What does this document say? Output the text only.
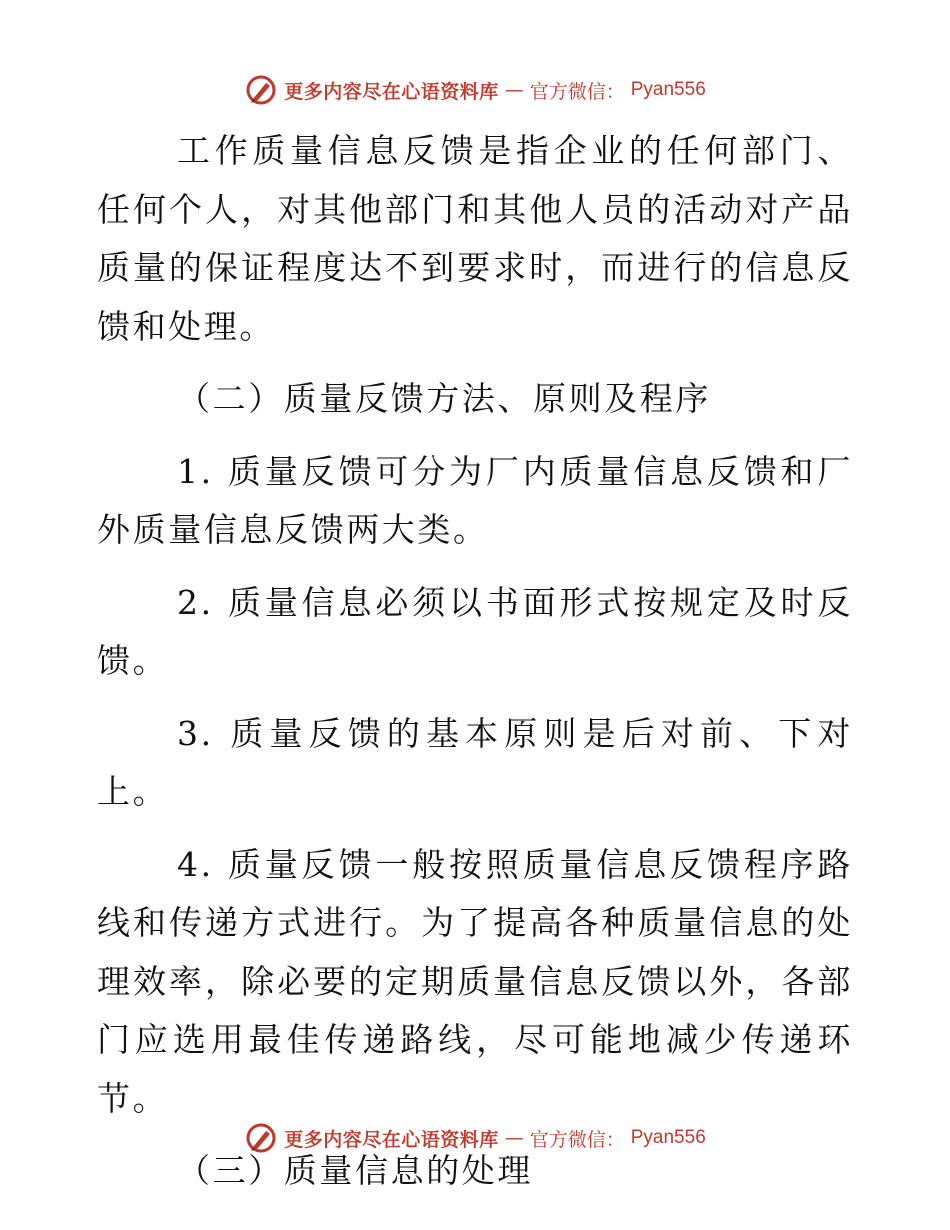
更多内容尽在心语资料库 — 官方微信： Pyan556

工作质量信息反馈是指企业的任何部门、任何个人，对其他部门和其他人员的活动对产品质量的保证程度达不到要求时，而进行的信息反馈和处理。

（二）质量反馈方法、原则及程序

1. 质量反馈可分为厂内质量信息反馈和厂外质量信息反馈两大类。

2. 质量信息必须以书面形式按规定及时反馈。

3. 质量反馈的基本原则是后对前、下对上。

4. 质量反馈一般按照质量信息反馈程序路线和传递方式进行。为了提高各种质量信息的处理效率，除必要的定期质量信息反馈以外，各部门应选用最佳传递路线，尽可能地减少传递环节。

（三）质量信息的处理

更多内容尽在心语资料库 — 官方微信： Pyan556
